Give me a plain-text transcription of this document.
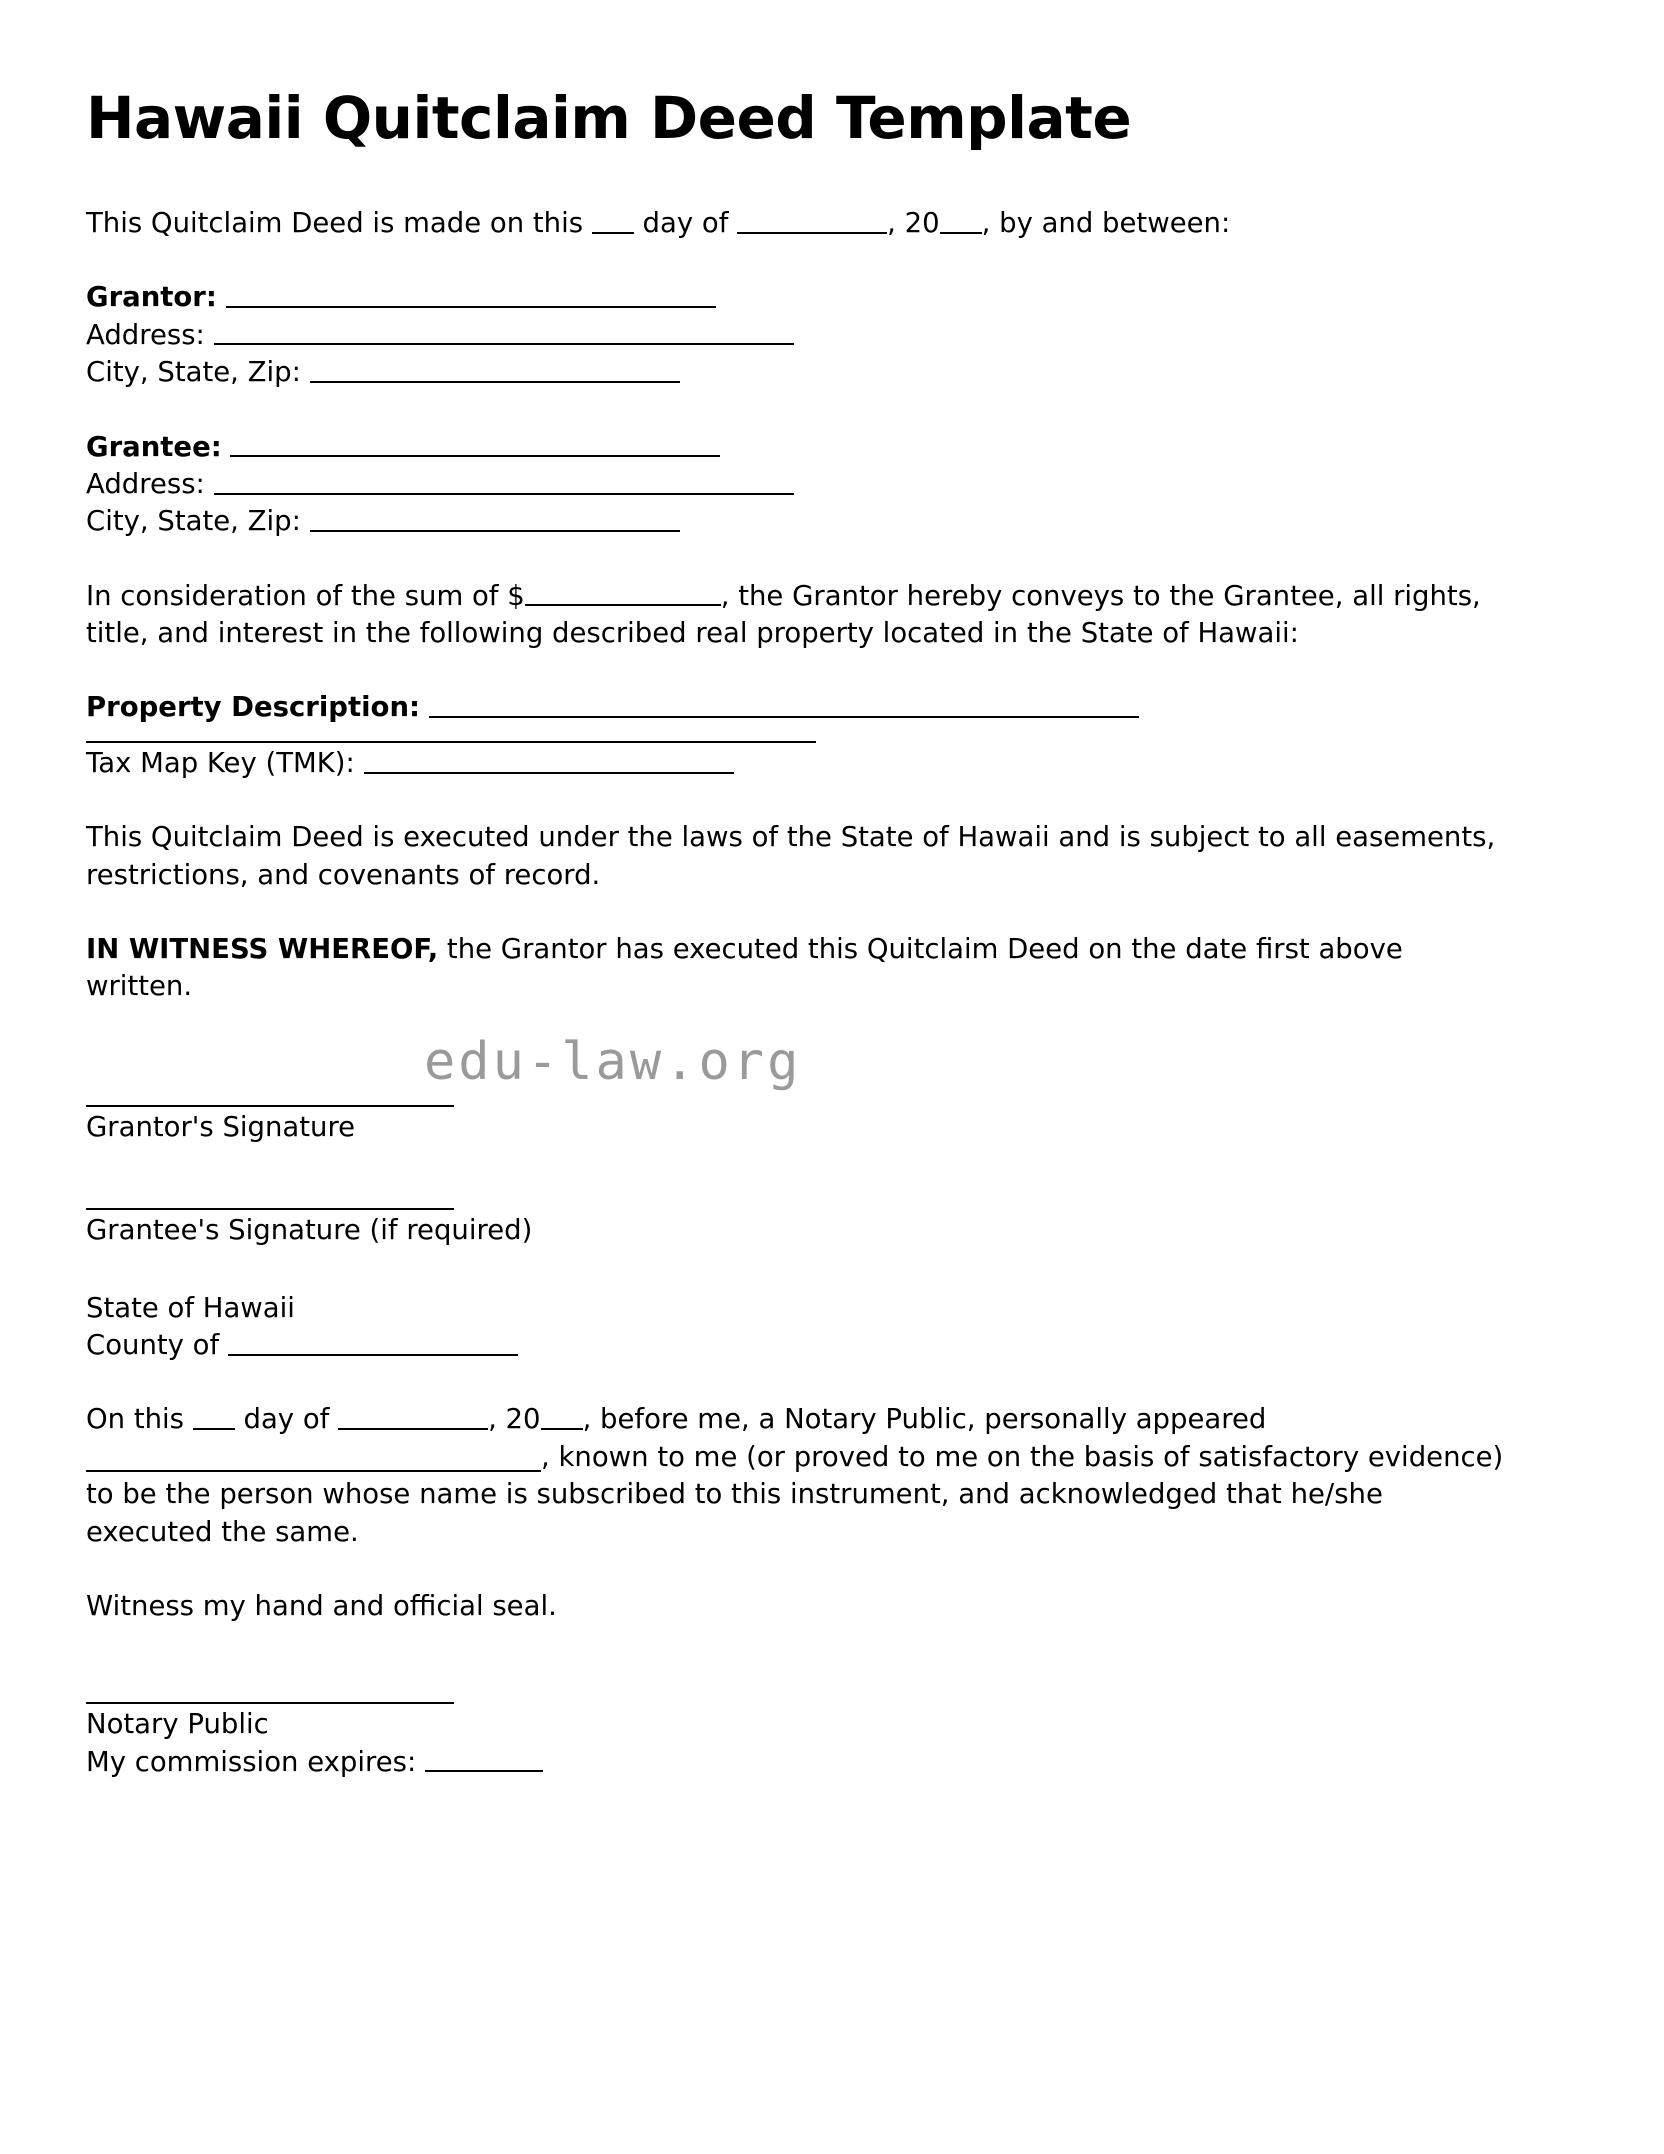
Hawaii Quitclaim Deed Template
This Quitclaim Deed is made on this  day of	, 20 , by and between:
Grantor:
Address:
City, State, Zip:
Grantee:
Address:
City, State, Zip:
In consideration of the sum of $	, the Grantor hereby conveys to the Grantee, all rights, title, and interest in the following described real property located in the State of Hawaii:
Property Description:
Tax Map Key (TMK):
This Quitclaim Deed is executed under the laws of the State of Hawaii and is subject to all easements, restrictions, and covenants of record.
IN WITNESS WHEREOF, the Grantor has executed this Quitclaim Deed on the date first above written.
Grantor's Signature
Grantee's Signature (if required)
State of Hawaii
County of
On this  day of	, 20 , before me, a Notary Public, personally appeared , known to me (or proved to me on the basis of satisfactory evidence) to be the person whose name is subscribed to this instrument, and acknowledged that he/she executed the same.
Witness my hand and official seal.
Notary Public
My commission expires:
edu-law.org
